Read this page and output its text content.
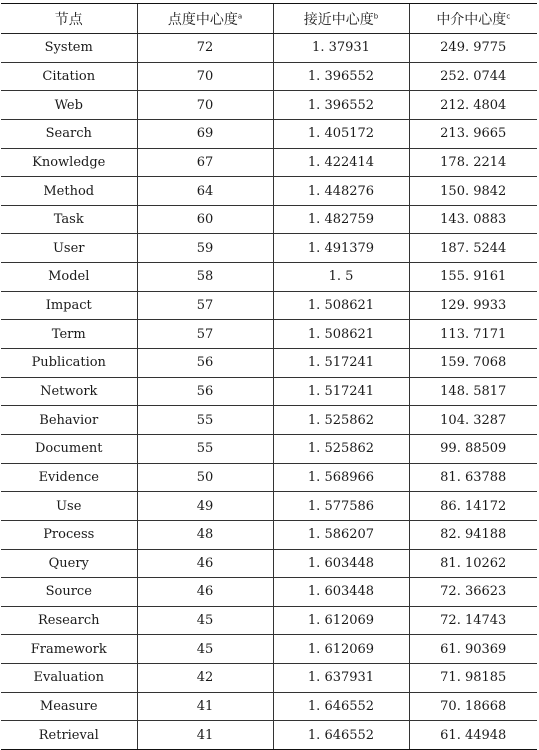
节点	点度中心度$^a$	接近中心度$^b$	中介中心度$^c$
System	72	1. 37931	249. 9775
Citation	70	1. 396552	252. 0744
Web	70	1. 396552	212. 4804
Search	69	1. 405172	213. 9665
Knowledge	67	1. 422414	178. 2214
Method	64	1. 448276	150. 9842
Task	60	1. 482759	143. 0883
User	59	1. 491379	187. 5244
Model	58	1. 5	155. 9161
Impact	57	1. 508621	129. 9933
Term	57	1. 508621	113. 7171
Publication	56	1. 517241	159. 7068
Network	56	1. 517241	148. 5817
Behavior	55	1. 525862	104. 3287
Document	55	1. 525862	99. 88509
Evidence	50	1. 568966	81. 63788
Use	49	1. 577586	86. 14172
Process	48	1. 586207	82. 94188
Query	46	1. 603448	81. 10262
Source	46	1. 603448	72. 36623
Research	45	1. 612069	72. 14743
Framework	45	1. 612069	61. 90369
Evaluation	42	1. 637931	71. 98185
Measure	41	1. 646552	70. 18668
Retrieval	41	1. 646552	61. 44948
